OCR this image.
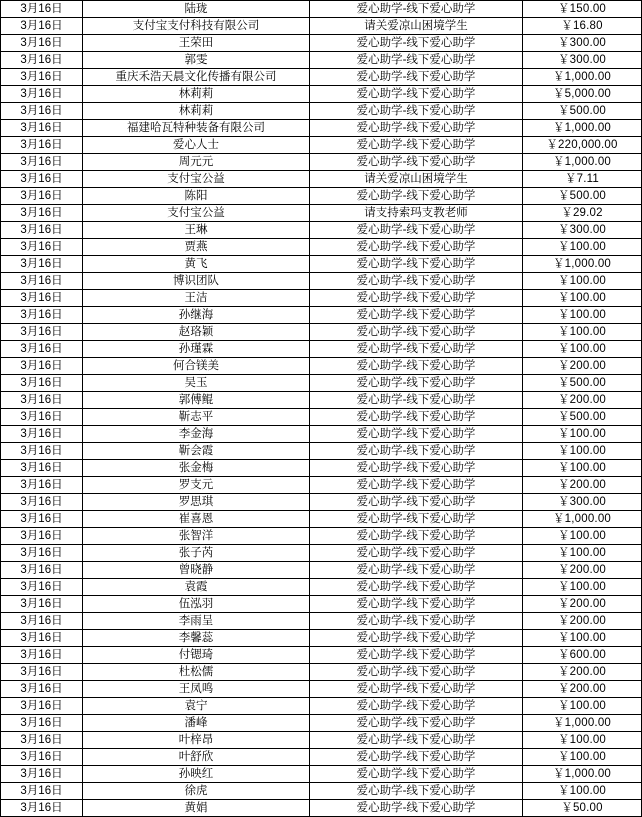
3月16日	陆珑	爱心助学-线下爱心助学	￥150.00
3月16日	支付宝支付科技有限公司	请关爱凉山困境学生	￥16.80
3月16日	王荣田	爱心助学-线下爱心助学	￥300.00
3月16日	郭雯	爱心助学-线下爱心助学	￥300.00
3月16日	重庆禾浩天晨文化传播有限公司	爱心助学-线下爱心助学	￥1,000.00
3月16日	林莉莉	爱心助学-线下爱心助学	￥5,000.00
3月16日	林莉莉	爱心助学-线下爱心助学	￥500.00
3月16日	福建哈瓦特种装备有限公司	爱心助学-线下爱心助学	￥1,000.00
3月16日	爱心人士	爱心助学-线下爱心助学	￥220,000.00
3月16日	周元元	爱心助学-线下爱心助学	￥1,000.00
3月16日	支付宝公益	请关爱凉山困境学生	￥7.11
3月16日	陈阳	爱心助学-线下爱心助学	￥500.00
3月16日	支付宝公益	请支持索玛支教老师	￥29.02
3月16日	王琳	爱心助学-线下爱心助学	￥300.00
3月16日	贾燕	爱心助学-线下爱心助学	￥100.00
3月16日	黄飞	爱心助学-线下爱心助学	￥1,000.00
3月16日	博识团队	爱心助学-线下爱心助学	￥100.00
3月16日	王洁	爱心助学-线下爱心助学	￥100.00
3月16日	孙继海	爱心助学-线下爱心助学	￥100.00
3月16日	赵珞颖	爱心助学-线下爱心助学	￥100.00
3月16日	孙瑾霖	爱心助学-线下爱心助学	￥100.00
3月16日	何合镁美	爱心助学-线下爱心助学	￥200.00
3月16日	吴玉	爱心助学-线下爱心助学	￥500.00
3月16日	郭傅鲲	爱心助学-线下爱心助学	￥200.00
3月16日	靳志平	爱心助学-线下爱心助学	￥500.00
3月16日	李金海	爱心助学-线下爱心助学	￥100.00
3月16日	靳会霞	爱心助学-线下爱心助学	￥100.00
3月16日	张金梅	爱心助学-线下爱心助学	￥100.00
3月16日	罗支元	爱心助学-线下爱心助学	￥200.00
3月16日	罗思琪	爱心助学-线下爱心助学	￥300.00
3月16日	崔喜恩	爱心助学-线下爱心助学	￥1,000.00
3月16日	张智洋	爱心助学-线下爱心助学	￥100.00
3月16日	张子芮	爱心助学-线下爱心助学	￥100.00
3月16日	曾晓静	爱心助学-线下爱心助学	￥200.00
3月16日	袁霞	爱心助学-线下爱心助学	￥100.00
3月16日	伍泓羽	爱心助学-线下爱心助学	￥200.00
3月16日	李雨呈	爱心助学-线下爱心助学	￥200.00
3月16日	李馨蕊	爱心助学-线下爱心助学	￥100.00
3月16日	付锶琦	爱心助学-线下爱心助学	￥600.00
3月16日	杜松儒	爱心助学-线下爱心助学	￥200.00
3月16日	王凤鸣	爱心助学-线下爱心助学	￥200.00
3月16日	袁宁	爱心助学-线下爱心助学	￥100.00
3月16日	潘峰	爱心助学-线下爱心助学	￥1,000.00
3月16日	叶梓昂	爱心助学-线下爱心助学	￥100.00
3月16日	叶舒欣	爱心助学-线下爱心助学	￥100.00
3月16日	孙映红	爱心助学-线下爱心助学	￥1,000.00
3月16日	徐虎	爱心助学-线下爱心助学	￥100.00
3月16日	黄娟	爱心助学-线下爱心助学	￥50.00
